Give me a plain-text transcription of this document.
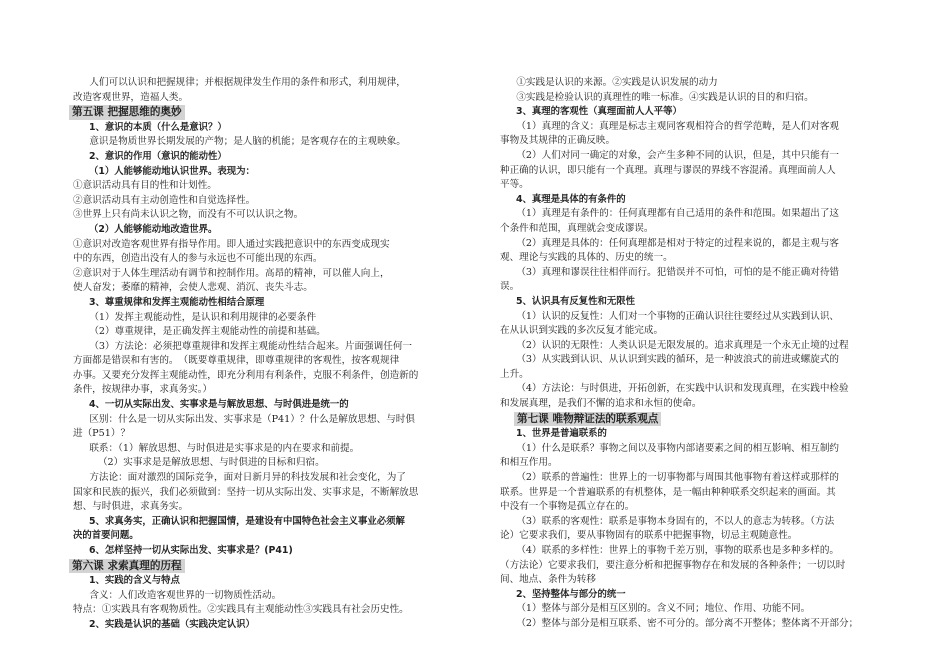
人们可以认识和把握规律；并根据规律发生作用的条件和形式，利用规律，

改造客观世界，造福人类。

第五课 把握思维的奥妙

1、意识的本质（什么是意识？）

意识是物质世界长期发展的产物；是人脑的机能；是客观存在的主观映象。

2、意识的作用（意识的能动性）

（1）人能够能动地认识世界。表现为：

①意识活动具有目的性和计划性。

②意识活动具有主动创造性和自觉选择性。

③世界上只有尚未认识之物，而没有不可以认识之物。

（2）人能够能动地改造世界。

①意识对改造客观世界有指导作用。即人通过实践把意识中的东西变成现实

中的东西，创造出没有人的参与永远也不可能出现的东西。

②意识对于人体生理活动有调节和控制作用。高昂的精神，可以催人向上，

使人奋发；萎靡的精神，会使人悲观、消沉、丧失斗志。

3、尊重规律和发挥主观能动性相结合原理

（1）发挥主观能动性，是认识和利用规律的必要条件

（2）尊重规律，是正确发挥主观能动性的前提和基础。

（3）方法论：必须把尊重规律和发挥主观能动性结合起来。片面强调任何一

方面都是错误和有害的。　（既要尊重规律，即尊重规律的客观性，按客观规律

办事。又要充分发挥主观能动性，即充分利用有利条件，克服不利条件，创造新的

条件，按规律办事，求真务实。）

4、一切从实际出发、实事求是与解放思想、与时俱进是统一的

区别：什么是一切从实际出发、实事求是（P41）？什么是解放思想、与时俱

进（P51）？

联系：（1）解放思想、与时俱进是实事求是的内在要求和前提。

（2）实事求是是解放思想、与时俱进的目标和归宿。

方法论：面对激烈的国际竞争，面对日新月异的科技发展和社会变化，为了

国家和民族的振兴，我们必须做到：坚持一切从实际出发、实事求是，不断解放思

想、与时俱进，求真务实。

5、求真务实，正确认识和把握国情，是建设有中国特色社会主义事业必须解

决的首要问题。

6、怎样坚持一切从实际出发、实事求是？(P41)

第六课 求索真理的历程

1、实践的含义与特点

含义：人们改造客观世界的一切物质性活动。

特点：①实践具有客观物质性。②实践具有主观能动性③实践具有社会历史性。

2、实践是认识的基础（实践决定认识）

①实践是认识的来源。②实践是认识发展的动力

③实践是检验认识的真理性的唯一标准。④实践是认识的目的和归宿。

3、真理的客观性（真理面前人人平等）

（1）真理的含义：真理是标志主观同客观相符合的哲学范畴，是人们对客观

事物及其规律的正确反映。

（2）人们对同一确定的对象，会产生多种不同的认识，但是，其中只能有一

种正确的认识，即只能有一个真理。真理与谬误的界线不容混淆。真理面前人人

平等。

4、真理是具体的有条件的

（1）真理是有条件的：任何真理都有自己适用的条件和范围。如果超出了这

个条件和范围，真理就会变成谬误。

（2）真理是具体的：任何真理都是相对于特定的过程来说的，都是主观与客

观、理论与实践的具体的、历史的统一。

（3）真理和谬误往往相伴而行。犯错误并不可怕，可怕的是不能正确对待错

误。

5、认识具有反复性和无限性

（1）认识的反复性：人们对一个事物的正确认识往往要经过从实践到认识、

在从认识到实践的多次反复才能完成。

（2）认识的无限性：人类认识是无限发展的。追求真理是一个永无止境的过程

（3）从实践到认识、从认识到实践的循环，是一种波浪式的前进或螺旋式的

上升。

（4）方法论：与时俱进，开拓创新，在实践中认识和发现真理，在实践中检验

和发展真理，是我们不懈的追求和永恒的使命。

第七课 唯物辩证法的联系观点

1、世界是普遍联系的

（1）什么是联系？事物之间以及事物内部诸要素之间的相互影响、相互制约

和相互作用。

（2）联系的普遍性：世界上的一切事物都与周围其他事物有着这样或那样的

联系。世界是一个普遍联系的有机整体，是一幅由种种联系交织起来的画面。其

中没有一个事物是孤立存在的。

（3）联系的客观性：联系是事物本身固有的，不以人的意志为转移。（方法

论）它要求我们，要从事物固有的联系中把握事物，切忌主观随意性。

（4）联系的多样性：世界上的事物千差万别，事物的联系也是多种多样的。

（方法论）它要求我们，要注意分析和把握事物存在和发展的各种条件；一切以时

间、地点、条件为转移

2、坚持整体与部分的统一

（1）整体与部分是相互区别的。含义不同；地位、作用、功能不同。

（2）整体与部分是相互联系、密不可分的。部分离不开整体；整体离不开部分；
